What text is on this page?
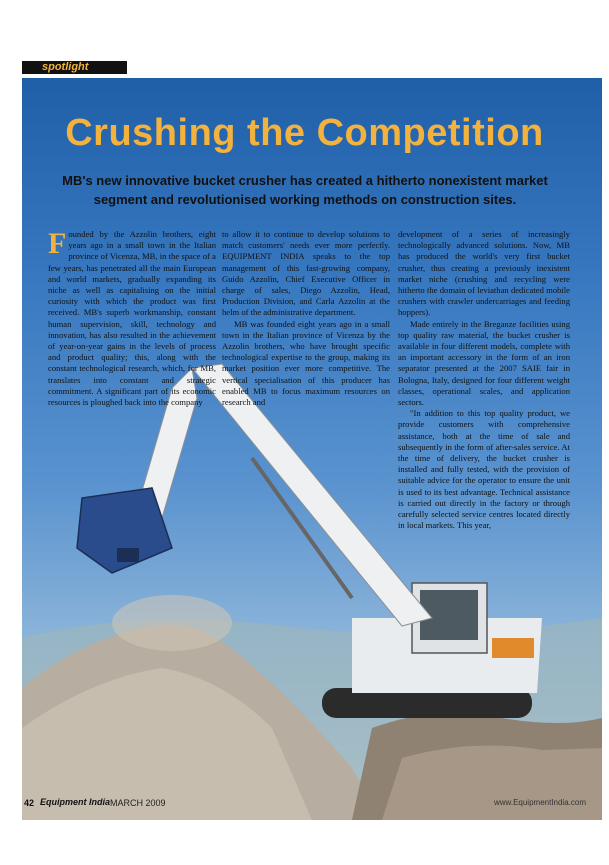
spotlight
Crushing the Competition

MB's new innovative bucket crusher has created a hitherto nonexistent market segment and revolutionised working methods on construction sites.

F ounded by the Azzolin brothers, eight years ago in a small town in the Italian province of Vicenza, MB, in the space of a few years, has penetrated all the main European and world markets, gradually expanding its niche as well as capitalising on the initial curiosity with which the product was first received. MB's superb workmanship, constant human supervision, skill, technology and innovation, has also resulted in the achievement of year-on-year gains in the levels of process and product quality; this, along with the constant technological research, which, for MB, translates into constant and strategic commitment. A significant part of its economic resources is ploughed back into the company

to allow it to continue to develop solutions to match customers' needs ever more perfectly. EQUIPMENT INDIA speaks to the top management of this fast-growing company, Guido Azzolin, Chief Executive Officer in charge of sales, Diego Azzolin, Head, Production Division, and Carla Azzolin at the helm of the administrative department.

MB was founded eight years ago in a small town in the Italian province of Vicenza by the Azzolin brothers, who have brought specific technological expertise to the group, making its market position ever more competitive. The vertical specialisation of this producer has enabled MB to focus maximum resources on research and

development of a series of increasingly technologically advanced solutions. Now, MB has produced the world's very first bucket crusher, thus creating a previously inexistent market niche (crushing and recycling were hitherto the domain of leviathan dedicated mobile crushers with crawler undercarriages and feeding hoppers).

Made entirely in the Breganze facilities using top quality raw material, the bucket crusher is available in four different models, complete with an important accessory in the form of an iron separator presented at the 2007 SAIE fair in Bologna, Italy, designed for four different weight classes, operational scales, and application sectors.

"In addition to this top quality product, we provide customers with comprehensive assistance, both at the time of sale and subsequently in the form of after-sales service. At the time of delivery, the bucket crusher is installed and fully tested, with the provision of suitable advice for the operator to ensure the unit is used to its best advantage. Technical assistance is carried out directly in the factory or through carefully selected service centres located directly in local markets. This year,

42 Equipment India MARCH 2009	www.EquipmentIndia.com
